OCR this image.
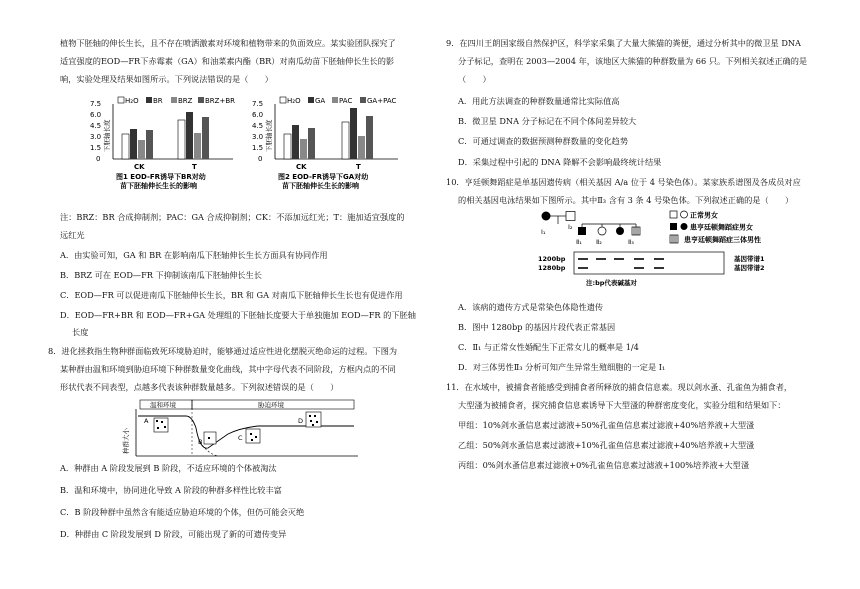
植物下胚轴的伸长生长，且不存在喷洒激素对环境和植物带来的负面效应。某实验团队探究了
适宜强度的EOD—FR下赤霉素（GA）和油菜素内酯（BR）对南瓜幼苗下胚轴伸长生长的影
响，实验处理及结果如图所示。下列说法错误的是（　　）
H₂O BR BRZ BRZ+BR
7.5
6.0
4.5
3.0
1.5
0
下胚轴长度
CK	T
图1 EOD-FR诱导下BR对幼
苗下胚轴伸长生长的影响
H₂O GA PAC GA+PAC
7.5
6.0
4.5
3.0
1.5
0
下胚轴长度
CK	T
图2 EOD-FR诱导下GA对幼
苗下胚轴伸长生长的影响
注：BRZ：BR 合成抑制剂；PAC：GA 合成抑制剂；CK：不添加远红光；T：施加适宜强度的
远红光
A．由实验可知，GA 和 BR 在影响南瓜下胚轴伸长生长方面具有协同作用
B．BRZ 可在 EOD—FR 下抑制该南瓜下胚轴伸长生长
C．EOD—FR 可以促进南瓜下胚轴伸长生长，BR 和 GA 对南瓜下胚轴伸长生长也有促进作用
D．EOD—FR+BR 和 EOD—FR+GA 处理组的下胚轴长度要大于单独施加 EOD—FR 的下胚轴
长度
8．进化拯救指生物种群面临致死环境胁迫时，能够通过适应性进化摆脱灭绝命运的过程。下图为
某种群由温和环境到胁迫环境下种群数量变化曲线，其中字母代表不同阶段，方框内点的不同
形状代表不同表型，点越多代表该种群数量越多。下列叙述错误的是（　　）
温和环境	胁迫环境
种群大小
A
B	C
D
A．种群由 A 阶段发展到 B 阶段，不适应环境的个体被淘汰
B．温和环境中，协同进化导致 A 阶段的种群多样性比较丰富
C．B 阶段种群中虽然含有能适应胁迫环境的个体，但仍可能会灭绝
D．种群由 C 阶段发展到 D 阶段，可能出现了新的可遗传变异
9．在四川王朗国家级自然保护区，科学家采集了大量大熊猫的粪便，通过分析其中的微卫星 DNA
分子标记，查明在 2003—2004 年，该地区大熊猫的种群数量为 66 只。下列相关叙述正确的是
（　　）
A．用此方法调查的种群数量通常比实际值高
B．微卫星 DNA 分子标记在不同个体间差异较大
C．可通过调查的数据预测种群数量的变化趋势
D．采集过程中引起的 DNA 降解不会影响最终统计结果
10．亨廷顿舞蹈症是单基因遗传病（相关基因 A/a 位于 4 号染色体）。某家族系谱图及各成员对应
的相关基因电泳结果如下图所示。其中Ⅱ₃ 含有 3 条 4 号染色体。下列叙述正确的是（　　）
I₁
I₂
Ⅱ₁ Ⅱ₂	Ⅱ₃
正常男女
患亨廷顿舞蹈症男女
患亨廷顿舞蹈症三体男性
1200bp
1280bp
基因带谱1
基因带谱2
注:bp代表碱基对
A．该病的遗传方式是常染色体隐性遗传
B．图中 1280bp 的基因片段代表正常基因
C．Ⅱ₁ 与正常女性婚配生下正常女儿的概率是 1/4
D．对三体男性Ⅱ₃ 分析可知产生异常生殖细胞的一定是 I₁
11．在水域中，被捕食者能感受到捕食者所释放的捕食信息素。现以剑水蚤、孔雀鱼为捕食者，
大型溞为被捕食者，探究捕食信息素诱导下大型溞的种群密度变化，实验分组和结果如下：
甲组：10%剑水蚤信息素过滤液+50%孔雀鱼信息素过滤液+40%培养液+大型溞
乙组：50%剑水蚤信息素过滤液+10%孔雀鱼信息素过滤液+40%培养液+大型溞
丙组：0%剑水蚤信息素过滤液+0%孔雀鱼信息素过滤液+100%培养液+大型溞
